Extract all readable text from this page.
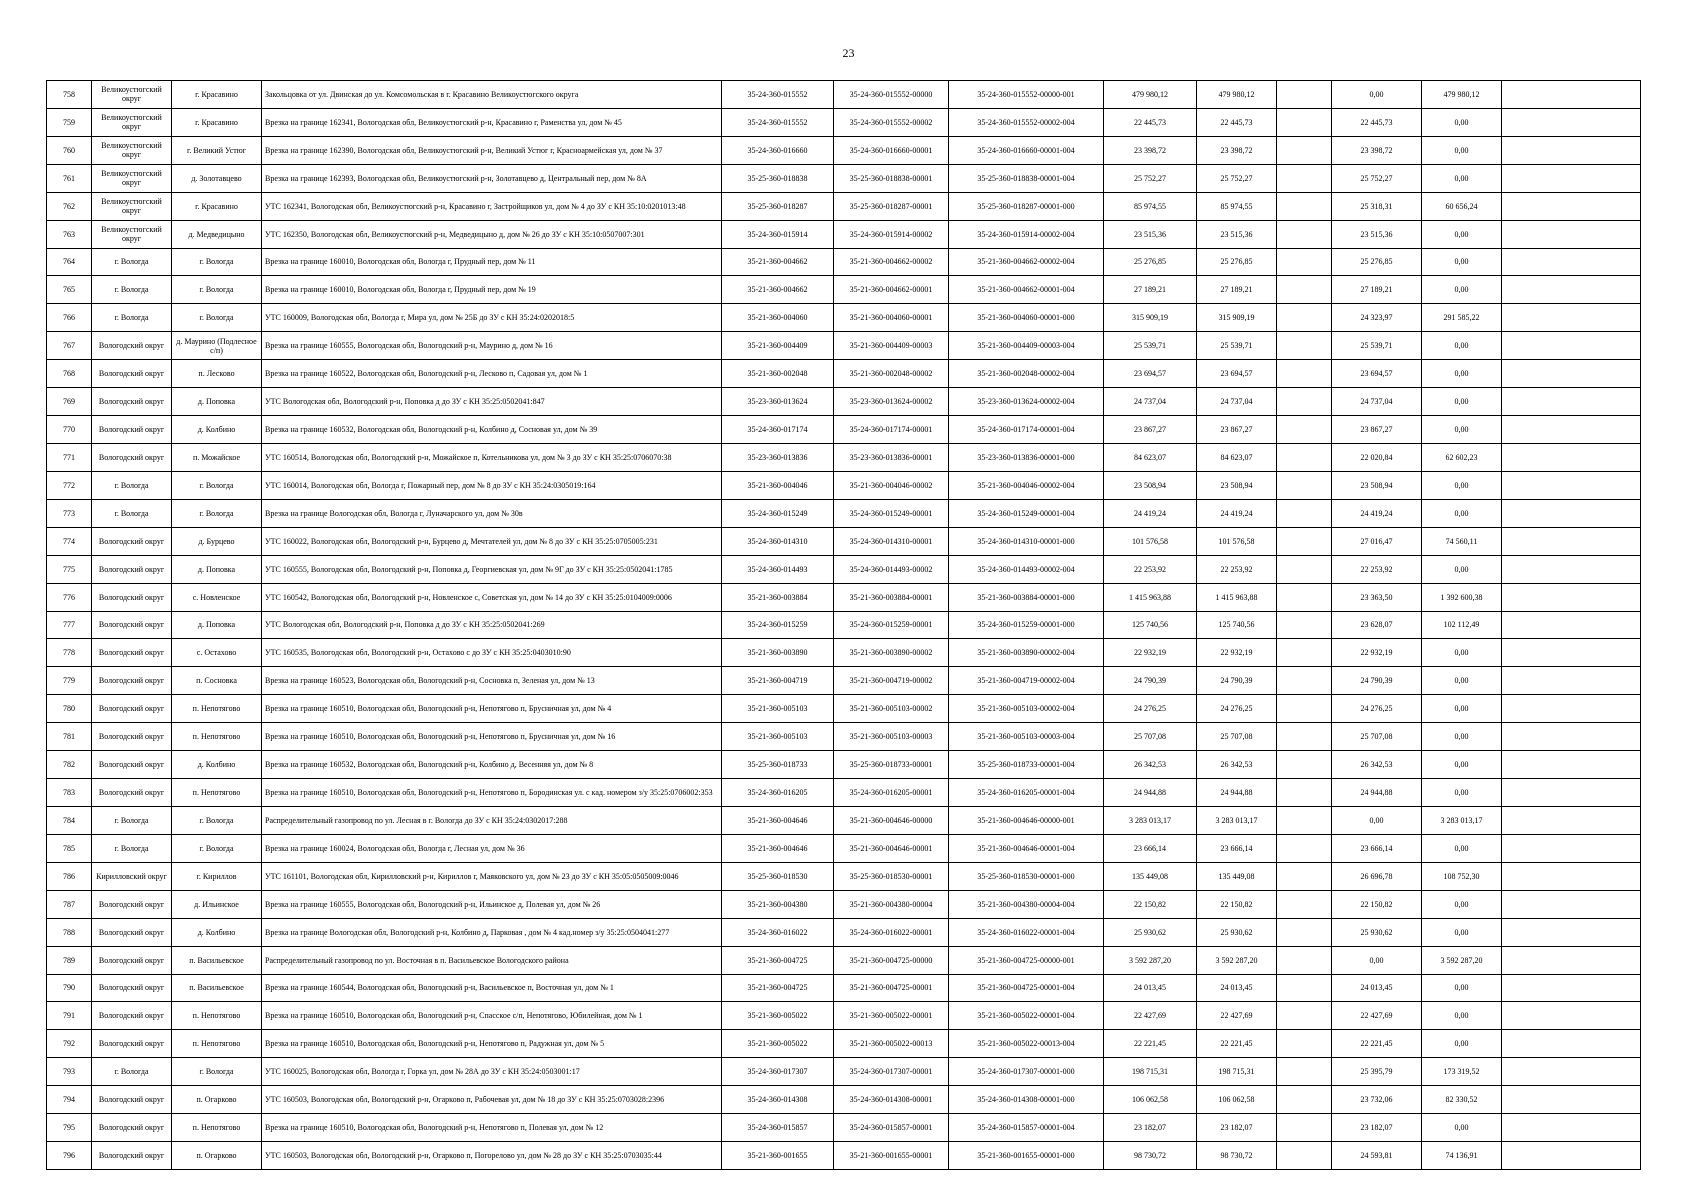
23
758	Великоустюгский округ	г. Красавино	Закольцовка от ул. Двинская до ул. Комсомольская в г. Красавино Великоустюгского округа	35-24-360-015552	35-24-360-015552-00000	35-24-360-015552-00000-001	479 980,12	479 980,12		0,00	479 980,12	
759	Великоустюгский округ	г. Красавино	Врезка на границе 162341, Вологодская обл, Великоустюгский р-н, Красавино г, Раменства ул, дом № 45	35-24-360-015552	35-24-360-015552-00002	35-24-360-015552-00002-004	22 445,73	22 445,73		22 445,73	0,00	
760	Великоустюгский округ	г. Великий Устюг	Врезка на границе 162390, Вологодская обл, Великоустюгский р-н, Великий Устюг г, Красноармейская ул, дом № 37	35-24-360-016660	35-24-360-016660-00001	35-24-360-016660-00001-004	23 398,72	23 398,72		23 398,72	0,00	
761	Великоустюгский округ	д. Золотавцево	Врезка на границе 162393, Вологодская обл, Великоустюгский р-н, Золотавцево д, Центральный пер, дом № 8А	35-25-360-018838	35-25-360-018838-00001	35-25-360-018838-00001-004	25 752,27	25 752,27		25 752,27	0,00	
762	Великоустюгский округ	г. Красавино	УТС 162341, Вологодская обл, Великоустюгский р-н, Красавино г, Застройщиков ул, дом № 4 до ЗУ с КН 35:10:0201013:48	35-25-360-018287	35-25-360-018287-00001	35-25-360-018287-00001-000	85 974,55	85 974,55		25 318,31	60 656,24	
763	Великоустюгский округ	д. Медведицыно	УТС 162350, Вологодская обл, Великоустюгский р-н, Медведицыно д, дом № 26 до ЗУ с КН 35:10:0507007:301	35-24-360-015914	35-24-360-015914-00002	35-24-360-015914-00002-004	23 515,36	23 515,36		23 515,36	0,00	
764	г. Вологда	г. Вологда	Врезка на границе 160010, Вологодская обл, Вологда г, Прудный пер, дом № 11	35-21-360-004662	35-21-360-004662-00002	35-21-360-004662-00002-004	25 276,85	25 276,85		25 276,85	0,00	
765	г. Вологда	г. Вологда	Врезка на границе 160010, Вологодская обл, Вологда г, Прудный пер, дом № 19	35-21-360-004662	35-21-360-004662-00001	35-21-360-004662-00001-004	27 189,21	27 189,21		27 189,21	0,00	
766	г. Вологда	г. Вологда	УТС 160009, Вологодская обл, Вологда г, Мира ул, дом № 25Б до ЗУ с КН 35:24:0202018:5	35-21-360-004060	35-21-360-004060-00001	35-21-360-004060-00001-000	315 909,19	315 909,19		24 323,97	291 585,22	
767	Вологодский округ	д. Маурино (Подлесное с/п)	Врезка на границе 160555, Вологодская обл, Вологодский р-н, Маурино д, дом № 16	35-21-360-004409	35-21-360-004409-00003	35-21-360-004409-00003-004	25 539,71	25 539,71		25 539,71	0,00	
768	Вологодский округ	п. Лесково	Врезка на границе 160522, Вологодская обл, Вологодский р-н, Лесково п, Садовая ул, дом № 1	35-21-360-002048	35-21-360-002048-00002	35-21-360-002048-00002-004	23 694,57	23 694,57		23 694,57	0,00	
769	Вологодский округ	д. Поповка	УТС Вологодская обл, Вологодский р-н, Поповка д до ЗУ с КН 35:25:0502041:847	35-23-360-013624	35-23-360-013624-00002	35-23-360-013624-00002-004	24 737,04	24 737,04		24 737,04	0,00	
770	Вологодский округ	д. Колбино	Врезка на границе 160532, Вологодская обл, Вологодский р-н, Колбино д, Сосновая ул, дом № 39	35-24-360-017174	35-24-360-017174-00001	35-24-360-017174-00001-004	23 867,27	23 867,27		23 867,27	0,00	
771	Вологодский округ	п. Можайское	УТС 160514, Вологодская обл, Вологодский р-н, Можайское п, Котельникова ул, дом № 3 до ЗУ с КН 35:25:0706070:38	35-23-360-013836	35-23-360-013836-00001	35-23-360-013836-00001-000	84 623,07	84 623,07		22 020,84	62 602,23	
772	г. Вологда	г. Вологда	УТС 160014, Вологодская обл, Вологда г, Пожарный пер, дом № 8 до ЗУ с КН 35:24:0305019:164	35-21-360-004046	35-21-360-004046-00002	35-21-360-004046-00002-004	23 508,94	23 508,94		23 508,94	0,00	
773	г. Вологда	г. Вологда	Врезка на границе Вологодская обл, Вологда г, Луначарского ул, дом № 30в	35-24-360-015249	35-24-360-015249-00001	35-24-360-015249-00001-004	24 419,24	24 419,24		24 419,24	0,00	
774	Вологодский округ	д. Бурцево	УТС 160022, Вологодская обл, Вологодский р-н, Бурцево д, Мечтателей ул, дом № 8 до ЗУ с КН 35:25:0705005:231	35-24-360-014310	35-24-360-014310-00001	35-24-360-014310-00001-000	101 576,58	101 576,58		27 016,47	74 560,11	
775	Вологодский округ	д. Поповка	УТС 160555, Вологодская обл, Вологодский р-н, Поповка д, Георгиевская ул, дом № 9Г до ЗУ с КН 35:25:0502041:1785	35-24-360-014493	35-24-360-014493-00002	35-24-360-014493-00002-004	22 253,92	22 253,92		22 253,92	0,00	
776	Вологодский округ	с. Новленское	УТС 160542, Вологодская обл, Вологодский р-н, Новленское с, Советская ул, дом № 14 до ЗУ с КН 35:25:0104009:0006	35-21-360-003884	35-21-360-003884-00001	35-21-360-003884-00001-000	1 415 963,88	1 415 963,88		23 363,50	1 392 600,38	
777	Вологодский округ	д. Поповка	УТС Вологодская обл, Вологодский р-н, Поповка д до ЗУ с КН 35:25:0502041:269	35-24-360-015259	35-24-360-015259-00001	35-24-360-015259-00001-000	125 740,56	125 740,56		23 628,07	102 112,49	
778	Вологодский округ	с. Остахово	УТС 160535, Вологодская обл, Вологодский р-н, Остахово с до ЗУ с КН 35:25:0403010:90	35-21-360-003890	35-21-360-003890-00002	35-21-360-003890-00002-004	22 932,19	22 932,19		22 932,19	0,00	
779	Вологодский округ	п. Сосновка	Врезка на границе 160523, Вологодская обл, Вологодский р-н, Сосновка п, Зеленая ул, дом № 13	35-21-360-004719	35-21-360-004719-00002	35-21-360-004719-00002-004	24 790,39	24 790,39		24 790,39	0,00	
780	Вологодский округ	п. Непотягово	Врезка на границе 160510, Вологодская обл, Вологодский р-н, Непотягово п, Брусничная ул, дом № 4	35-21-360-005103	35-21-360-005103-00002	35-21-360-005103-00002-004	24 276,25	24 276,25		24 276,25	0,00	
781	Вологодский округ	п. Непотягово	Врезка на границе 160510, Вологодская обл, Вологодский р-н, Непотягово п, Брусничная ул, дом № 16	35-21-360-005103	35-21-360-005103-00003	35-21-360-005103-00003-004	25 707,08	25 707,08		25 707,08	0,00	
782	Вологодский округ	д. Колбино	Врезка на границе 160532, Вологодская обл, Вологодский р-н, Колбино д, Весенняя ул, дом № 8	35-25-360-018733	35-25-360-018733-00001	35-25-360-018733-00001-004	26 342,53	26 342,53		26 342,53	0,00	
783	Вологодский округ	п. Непотягово	Врезка на границе 160510, Вологодская обл, Вологодский р-н, Непотягово п, Бородинская ул. с кад. номером з/у 35:25:0706002:353	35-24-360-016205	35-24-360-016205-00001	35-24-360-016205-00001-004	24 944,88	24 944,88		24 944,88	0,00	
784	г. Вологда	г. Вологда	Распределительный газопровод по ул. Лесная в г. Вологда до ЗУ с КН 35:24:0302017:288	35-21-360-004646	35-21-360-004646-00000	35-21-360-004646-00000-001	3 283 013,17	3 283 013,17		0,00	3 283 013,17	
785	г. Вологда	г. Вологда	Врезка на границе 160024, Вологодская обл, Вологда г, Лесная ул, дом № 36	35-21-360-004646	35-21-360-004646-00001	35-21-360-004646-00001-004	23 666,14	23 666,14		23 666,14	0,00	
786	Кирилловский округ	г. Кириллов	УТС 161101, Вологодская обл, Кирилловский р-н, Кириллов г, Маяковского ул, дом № 23 до ЗУ с КН 35:05:0505009:0046	35-25-360-018530	35-25-360-018530-00001	35-25-360-018530-00001-000	135 449,08	135 449,08		26 696,78	108 752,30	
787	Вологодский округ	д. Ильинское	Врезка на границе 160555, Вологодская обл, Вологодский р-н, Ильинское д, Полевая ул, дом № 26	35-21-360-004380	35-21-360-004380-00004	35-21-360-004380-00004-004	22 150,82	22 150,82		22 150,82	0,00	
788	Вологодский округ	д. Колбино	Врезка на границе Вологодская обл, Вологодский р-н, Колбино д, Парковая , дом № 4 кад.номер з/у 35:25:0504041:277	35-24-360-016022	35-24-360-016022-00001	35-24-360-016022-00001-004	25 930,62	25 930,62		25 930,62	0,00	
789	Вологодский округ	п. Васильевское	Распределительный газопровод по ул. Восточная в п. Васильевское Вологодского района	35-21-360-004725	35-21-360-004725-00000	35-21-360-004725-00000-001	3 592 287,20	3 592 287,20		0,00	3 592 287,20	
790	Вологодский округ	п. Васильевское	Врезка на границе 160544, Вологодская обл, Вологодский р-н, Васильевское п, Восточная ул, дом № 1	35-21-360-004725	35-21-360-004725-00001	35-21-360-004725-00001-004	24 013,45	24 013,45		24 013,45	0,00	
791	Вологодский округ	п. Непотягово	Врезка на границе 160510, Вологодская обл, Вологодский р-н, Спасское с/п, Непотягово, Юбилейная, дом № 1	35-21-360-005022	35-21-360-005022-00001	35-21-360-005022-00001-004	22 427,69	22 427,69		22 427,69	0,00	
792	Вологодский округ	п. Непотягово	Врезка на границе 160510, Вологодская обл, Вологодский р-н, Непотягово п, Радужная ул, дом № 5	35-21-360-005022	35-21-360-005022-00013	35-21-360-005022-00013-004	22 221,45	22 221,45		22 221,45	0,00	
793	г. Вологда	г. Вологда	УТС 160025, Вологодская обл, Вологда г, Горка ул, дом № 28А до ЗУ с КН 35:24:0503001:17	35-24-360-017307	35-24-360-017307-00001	35-24-360-017307-00001-000	198 715,31	198 715,31		25 395,79	173 319,52	
794	Вологодский округ	п. Огарково	УТС 160503, Вологодская обл, Вологодский р-н, Огарково п, Рабочевая ул, дом № 18 до ЗУ с КН 35:25:0703028:2396	35-24-360-014308	35-24-360-014308-00001	35-24-360-014308-00001-000	106 062,58	106 062,58		23 732,06	82 330,52	
795	Вологодский округ	п. Непотягово	Врезка на границе 160510, Вологодская обл, Вологодский р-н, Непотягово п, Полевая ул, дом № 12	35-24-360-015857	35-24-360-015857-00001	35-24-360-015857-00001-004	23 182,07	23 182,07		23 182,07	0,00	
796	Вологодский округ	п. Огарково	УТС 160503, Вологодская обл, Вологодский р-н, Огарково п, Погорелово ул, дом № 28 до ЗУ с КН 35:25:0703035:44	35-21-360-001655	35-21-360-001655-00001	35-21-360-001655-00001-000	98 730,72	98 730,72		24 593,81	74 136,91	
